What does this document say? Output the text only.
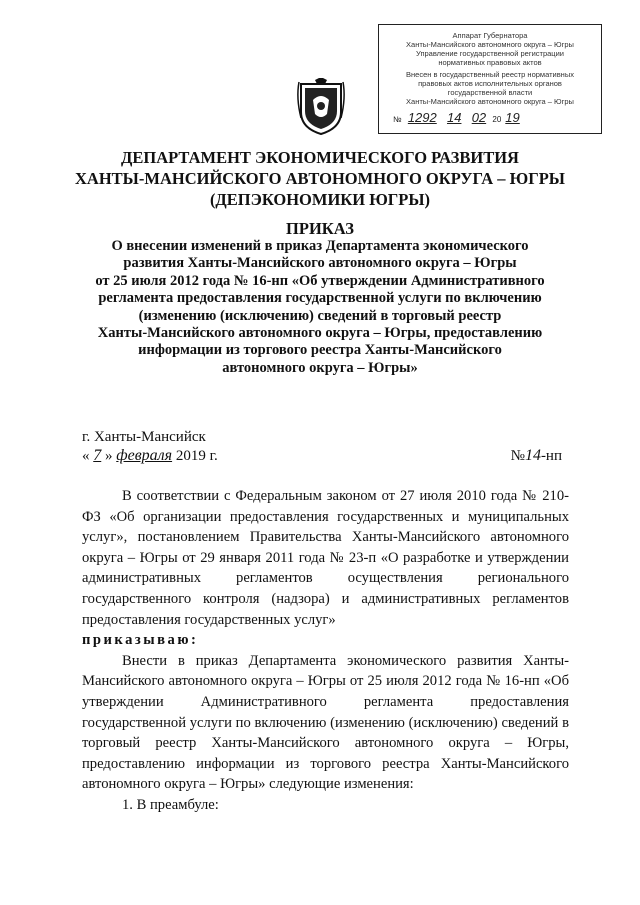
Аппарат Губернатора
Ханты-Мансийского автономного округа – Югры
Управление государственной регистрации
нормативных правовых актов
Внесен в государственный реестр нормативных
правовых актов исполнительных органов
государственной власти
Ханты-Мансийского автономного округа – Югры
№ 1292 14 02 20 19
ДЕПАРТАМЕНТ ЭКОНОМИЧЕСКОГО РАЗВИТИЯ
ХАНТЫ-МАНСИЙСКОГО АВТОНОМНОГО ОКРУГА – ЮГРЫ
(ДЕПЭКОНОМИКИ ЮГРЫ)
ПРИКАЗ
О внесении изменений в приказ Департамента экономического
развития Ханты-Мансийского автономного округа – Югры
от 25 июля 2012 года № 16-нп «Об утверждении Административного
регламента предоставления государственной услуги по включению
(изменению (исключению) сведений в торговый реестр
Ханты-Мансийского автономного округа – Югры, предоставлению
информации из торгового реестра Ханты-Мансийского
автономного округа – Югры»
г. Ханты-Мансийск
« 7 » февраля 2019 г.	№14-нп

В соответствии с Федеральным законом от 27 июля 2010 года № 210-ФЗ «Об организации предоставления государственных и муниципальных услуг», постановлением Правительства Ханты-Мансийского автономного округа – Югры от 29 января 2011 года № 23-п «О разработке и утверждении административных регламентов осуществления регионального государственного контроля (надзора) и административных регламентов предоставления государственных услуг»

приказываю:

Внести в приказ Департамента экономического развития Ханты-Мансийского автономного округа – Югры от 25 июля 2012 года № 16-нп «Об утверждении Административного регламента предоставления государственной услуги по включению (изменению (исключению) сведений в торговый реестр Ханты-Мансийского автономного округа – Югры, предоставлению информации из торгового реестра Ханты-Мансийского автономного округа – Югры» следующие изменения:

1. В преамбуле:
